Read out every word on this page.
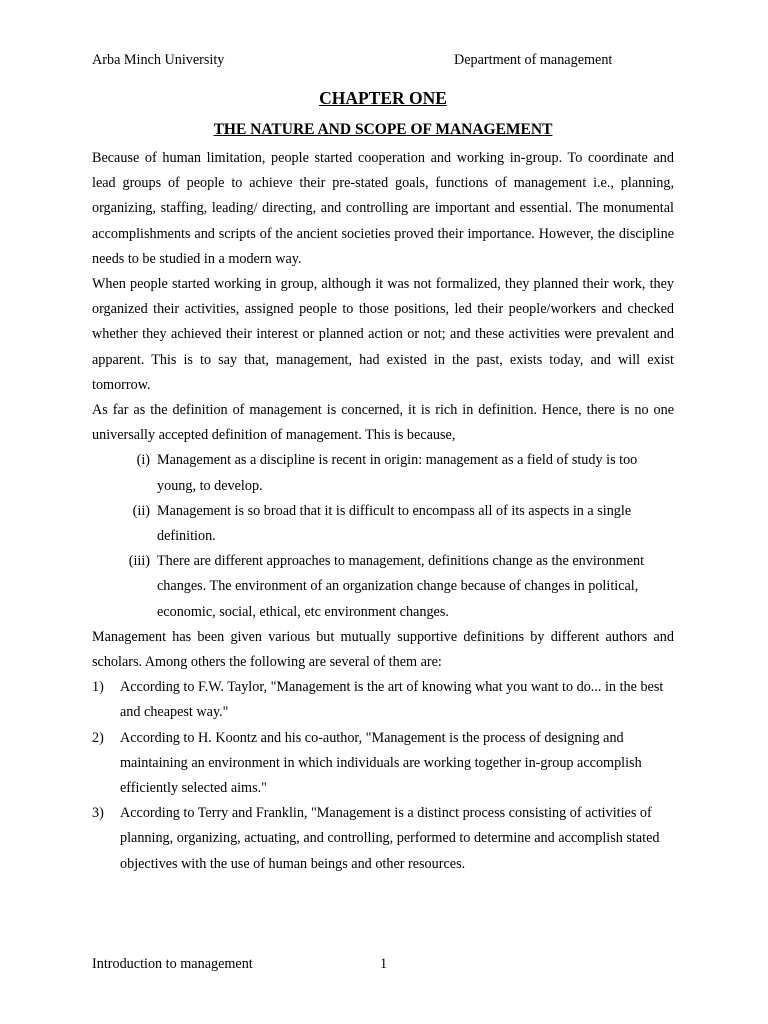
Arba Minch University	Department of management
CHAPTER ONE
THE NATURE AND SCOPE OF MANAGEMENT

Because of human limitation, people started cooperation and working in-group. To coordinate and lead groups of people to achieve their pre-stated goals, functions of management i.e., planning, organizing, staffing, leading/ directing, and controlling are important and essential. The monumental accomplishments and scripts of the ancient societies proved their importance. However, the discipline needs to be studied in a modern way.

When people started working in group, although it was not formalized, they planned their work, they organized their activities, assigned people to those positions, led their people/workers and checked whether they achieved their interest or planned action or not; and these activities were prevalent and apparent. This is to say that, management, had existed in the past, exists today, and will exist tomorrow.

As far as the definition of management is concerned, it is rich in definition. Hence, there is no one universally accepted definition of management. This is because,

(i) Management as a discipline is recent in origin: management as a field of study is too young, to develop.
(ii) Management is so broad that it is difficult to encompass all of its aspects in a single definition.
(iii) There are different approaches to management, definitions change as the environment changes. The environment of an organization change because of changes in political, economic, social, ethical, etc environment changes.

Management has been given various but mutually supportive definitions by different authors and scholars. Among others the following are several of them are:

1) According to F.W. Taylor, "Management is the art of knowing what you want to do... in the best and cheapest way."
2) According to H. Koontz and his co-author, "Management is the process of designing and maintaining an environment in which individuals are working together in-group accomplish efficiently selected aims."
3) According to Terry and Franklin, "Management is a distinct process consisting of activities of planning, organizing, actuating, and controlling, performed to determine and accomplish stated objectives with the use of human beings and other resources.
Introduction to management	1
